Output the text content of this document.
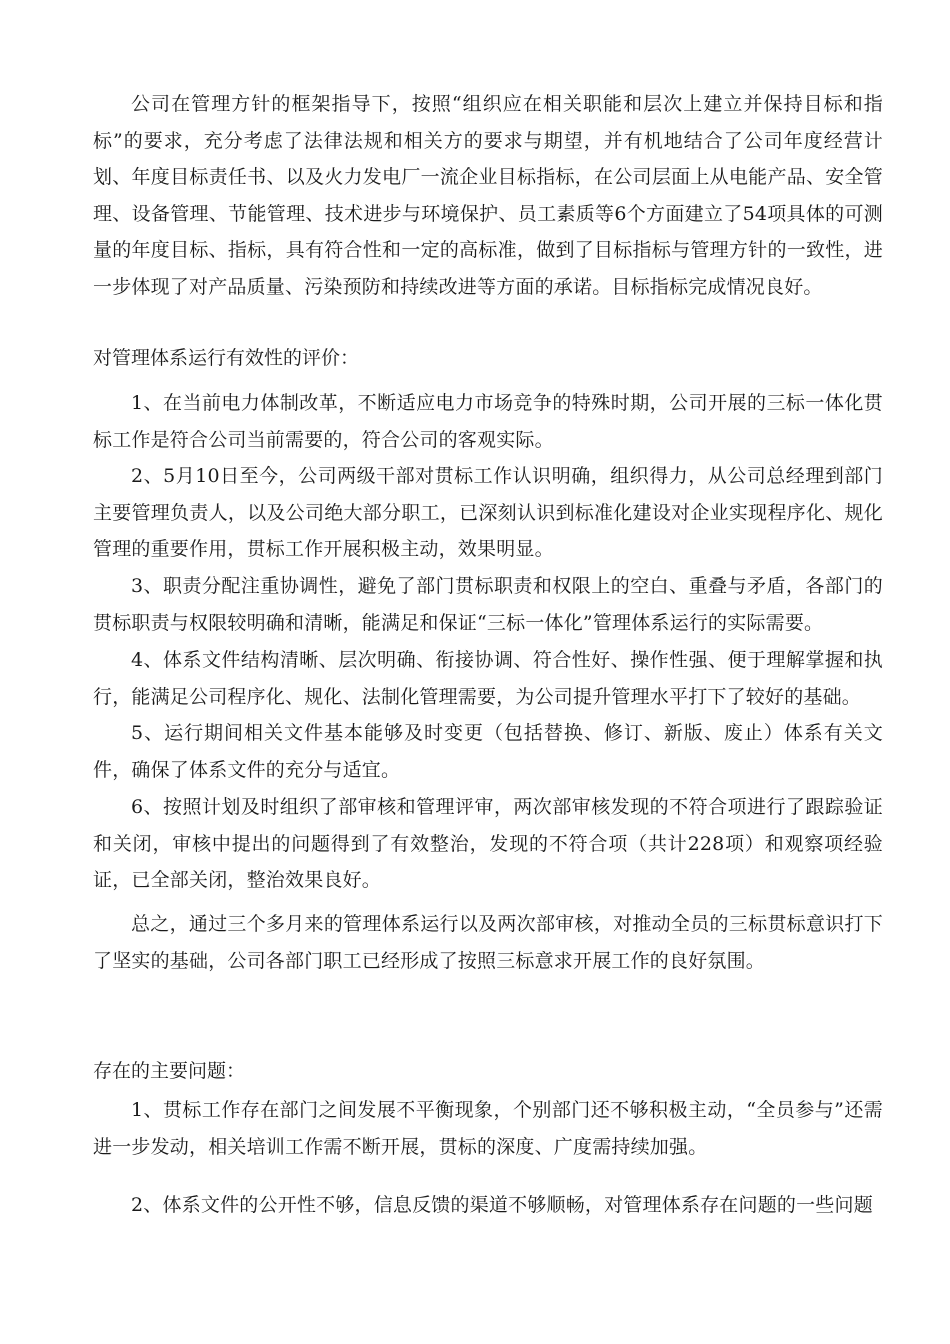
公司在管理方针的框架指导下，按照“组织应在相关职能和层次上建立并保持目标和指标”的要求，充分考虑了法律法规和相关方的要求与期望，并有机地结合了公司年度经营计划、年度目标责任书、以及火力发电厂一流企业目标指标，在公司层面上从电能产品、安全管理、设备管理、节能管理、技术进步与环境保护、员工素质等6个方面建立了54项具体的可测量的年度目标、指标，具有符合性和一定的高标准，做到了目标指标与管理方针的一致性，进一步体现了对产品质量、污染预防和持续改进等方面的承诺。目标指标完成情况良好。

对管理体系运行有效性的评价：

1、在当前电力体制改革，不断适应电力市场竞争的特殊时期，公司开展的三标一体化贯标工作是符合公司当前需要的，符合公司的客观实际。

2、5月10日至今，公司两级干部对贯标工作认识明确，组织得力，从公司总经理到部门主要管理负责人，以及公司绝大部分职工，已深刻认识到标准化建设对企业实现程序化、规化管理的重要作用，贯标工作开展积极主动，效果明显。

3、职责分配注重协调性，避免了部门贯标职责和权限上的空白、重叠与矛盾，各部门的贯标职责与权限较明确和清晰，能满足和保证“三标一体化”管理体系运行的实际需要。

4、体系文件结构清晰、层次明确、衔接协调、符合性好、操作性强、便于理解掌握和执行，能满足公司程序化、规化、法制化管理需要，为公司提升管理水平打下了较好的基础。

5、运行期间相关文件基本能够及时变更（包括替换、修订、新版、废止）体系有关文件，确保了体系文件的充分与适宜。

6、按照计划及时组织了部审核和管理评审，两次部审核发现的不符合项进行了跟踪验证和关闭，审核中提出的问题得到了有效整治，发现的不符合项（共计228项）和观察项经验证，已全部关闭，整治效果良好。

总之，通过三个多月来的管理体系运行以及两次部审核，对推动全员的三标贯标意识打下了坚实的基础，公司各部门职工已经形成了按照三标意求开展工作的良好氛围。

存在的主要问题：

1、贯标工作存在部门之间发展不平衡现象，个别部门还不够积极主动，“全员参与”还需进一步发动，相关培训工作需不断开展，贯标的深度、广度需持续加强。

2、体系文件的公开性不够，信息反馈的渠道不够顺畅，对管理体系存在问题的一些问题
